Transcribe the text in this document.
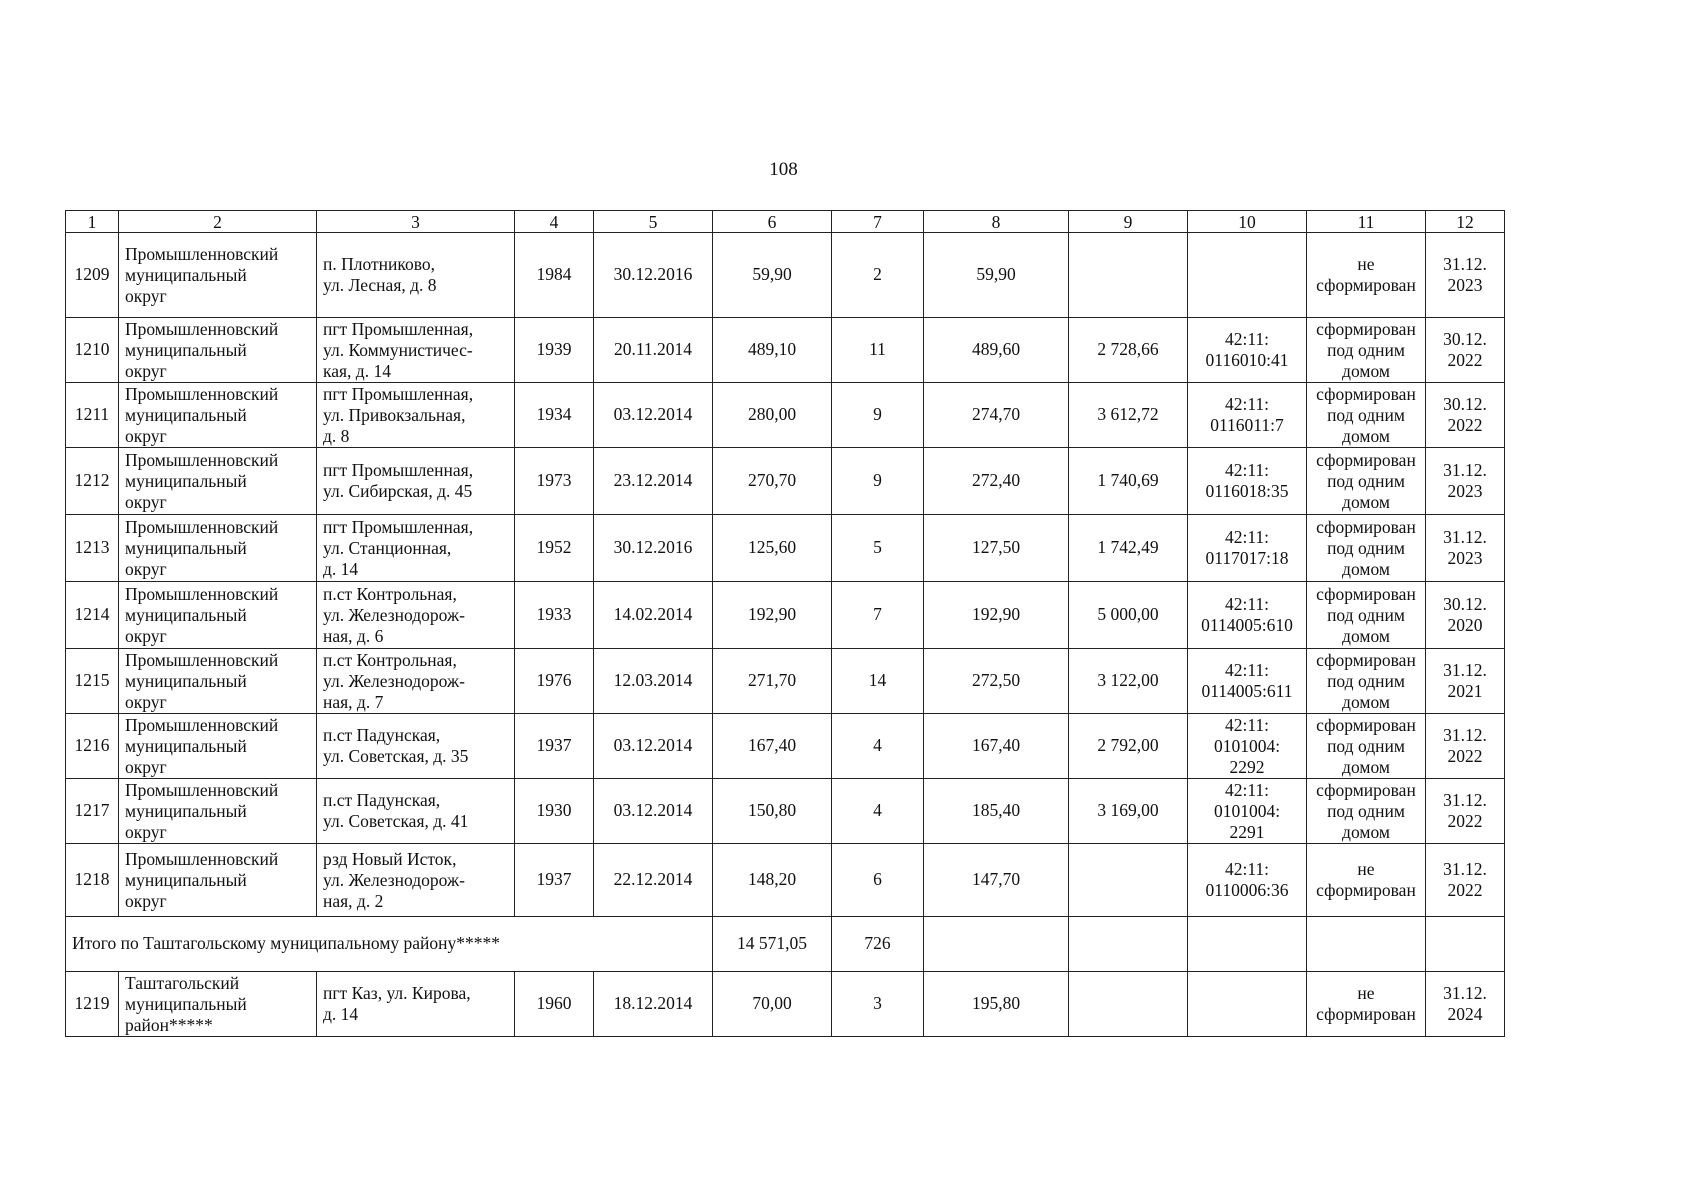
108
1	2	3	4	5	6	7	8	9	10	11	12
1209	Промышленновский
муниципальный
округ	п. Плотниково,
ул. Лесная, д. 8	1984	30.12.2016	59,90	2	59,90			не
сформирован	31.12.
2023
1210	Промышленновский
муниципальный
округ	пгт Промышленная,
ул. Коммунистичес-
кая, д. 14	1939	20.11.2014	489,10	11	489,60	2 728,66	42:11:
0116010:41	сформирован
под одним
домом	30.12.
2022
1211	Промышленновский
муниципальный
округ	пгт Промышленная,
ул. Привокзальная,
д. 8	1934	03.12.2014	280,00	9	274,70	3 612,72	42:11:
0116011:7	сформирован
под одним
домом	30.12.
2022
1212	Промышленновский
муниципальный
округ	пгт Промышленная,
ул. Сибирская, д. 45	1973	23.12.2014	270,70	9	272,40	1 740,69	42:11:
0116018:35	сформирован
под одним
домом	31.12.
2023
1213	Промышленновский
муниципальный
округ	пгт Промышленная,
ул. Станционная,
д. 14	1952	30.12.2016	125,60	5	127,50	1 742,49	42:11:
0117017:18	сформирован
под одним
домом	31.12.
2023
1214	Промышленновский
муниципальный
округ	п.ст Контрольная,
ул. Железнодорож-
ная, д. 6	1933	14.02.2014	192,90	7	192,90	5 000,00	42:11:
0114005:610	сформирован
под одним
домом	30.12.
2020
1215	Промышленновский
муниципальный
округ	п.ст Контрольная,
ул. Железнодорож-
ная, д. 7	1976	12.03.2014	271,70	14	272,50	3 122,00	42:11:
0114005:611	сформирован
под одним
домом	31.12.
2021
1216	Промышленновский
муниципальный
округ	п.ст Падунская,
ул. Советская, д. 35	1937	03.12.2014	167,40	4	167,40	2 792,00	42:11:
0101004:
2292	сформирован
под одним
домом	31.12.
2022
1217	Промышленновский
муниципальный
округ	п.ст Падунская,
ул. Советская, д. 41	1930	03.12.2014	150,80	4	185,40	3 169,00	42:11:
0101004:
2291	сформирован
под одним
домом	31.12.
2022
1218	Промышленновский
муниципальный
округ	рзд Новый Исток,
ул. Железнодорож-
ная, д. 2	1937	22.12.2014	148,20	6	147,70		42:11:
0110006:36	не
сформирован	31.12.
2022
Итого по Таштагольскому муниципальному району*****					14 571,05	726					
1219	Таштагольский
муниципальный
район*****	пгт Каз, ул. Кирова,
д. 14	1960	18.12.2014	70,00	3	195,80			не
сформирован	31.12.
2024
